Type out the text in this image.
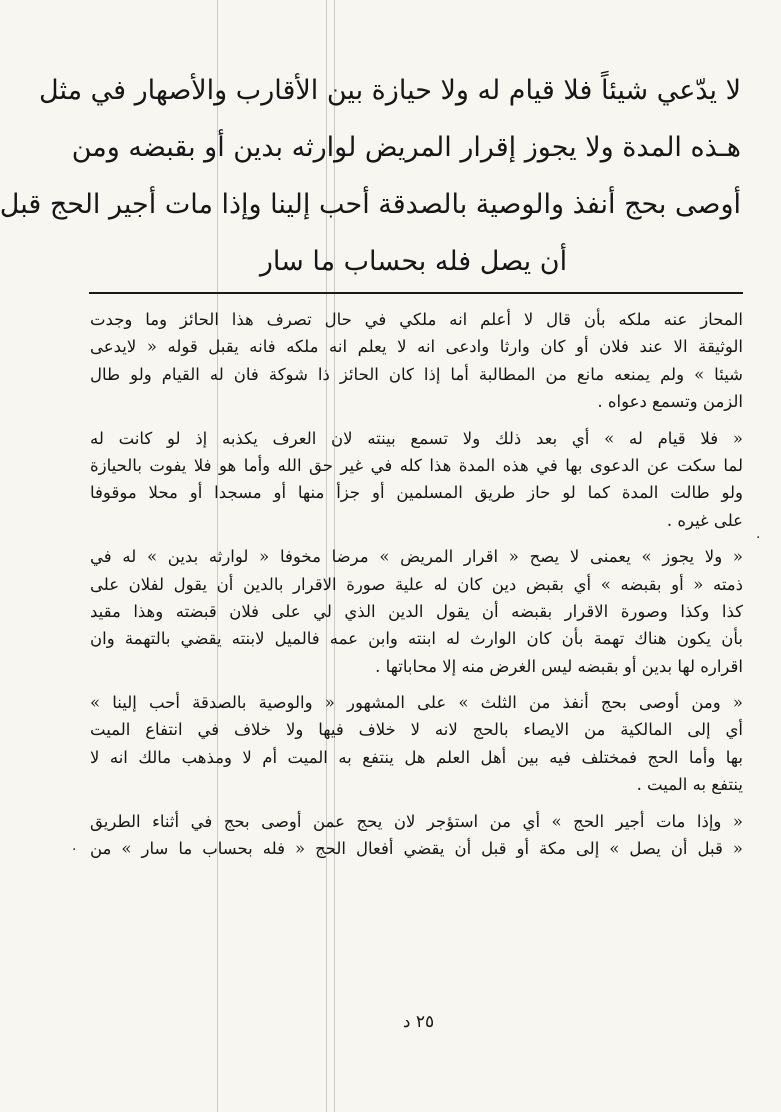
لا يدّعي شيئاً فلا قيام له ولا حيازة بين الأقارب والأصهار في مثل
هـذه المدة ولا يجوز إقرار المريض لوارثه بدين أو بقبضه ومن
أوصى بحج أنفذ والوصية بالصدقة أحب إلينا وإذا مات أجير الحج قبل
أن يصل فله بحساب ما سار
المحاز عنه ملكه بأن قال لا أعلم انه ملكي في حال تصرف هذا الحائز وما وجدت
الوثيقة الا عند فلان أو كان وارثا وادعى انه لا يعلم انه ملكه فانه يقبل قوله « لايدعى
شيئا » ولم يمنعه مانع من المطالبة أما إذا كان الحائز ذا شوكة فان له القيام ولو طال
الزمن وتسمع دعواه .
« فلا قيام له » أي بعد ذلك ولا تسمع بينته لان العرف يكذبه إذ لو كانت له
لما سكت عن الدعوى بها في هذه المدة هذا كله في غير حق الله وأما هو فلا يفوت بالحيازة
ولو طالت المدة كما لو حاز طريق المسلمين أو جزأ منها أو مسجدا أو محلا موقوفا
على غيره .
« ولا يجوز » يعمنى لا يصح « اقرار المريض » مرضا مخوفا « لوارثه بدين » له في
ذمته « أو بقبضه » أي بقبض دين كان له علية صورة الاقرار بالدين أن يقول لفلان على
كذا وكذا وصورة الاقرار بقبضه أن يقول الدين الذي لي على فلان قبضته وهذا مقيد
بأن يكون هناك تهمة بأن كان الوارث له ابنته وابن عمه فالميل لابنته يقضي بالتهمة وان
اقراره لها بدين أو بقبضه ليس الغرض منه إلا محاباتها .
« ومن أوصى بحج أنفذ من الثلث » على المشهور « والوصية بالصدقة أحب إلينا »
أي إلى المالكية من الايصاء بالحج لانه لا خلاف فيها ولا خلاف في انتفاع الميت
بها وأما الحج فمختلف فيه بين أهل العلم هل ينتفع به الميت أم لا ومذهب مالك انه لا
ينتفع به الميت .
« وإذا مات أجير الحج » أي من استؤجر لان يحج عمن أوصى بحج في أثناء الطريق
« قبل أن يصل » إلى مكة أو قبل أن يقضي أفعال الحج « فله بحساب ما سار » من
٢٥ د
·
·
